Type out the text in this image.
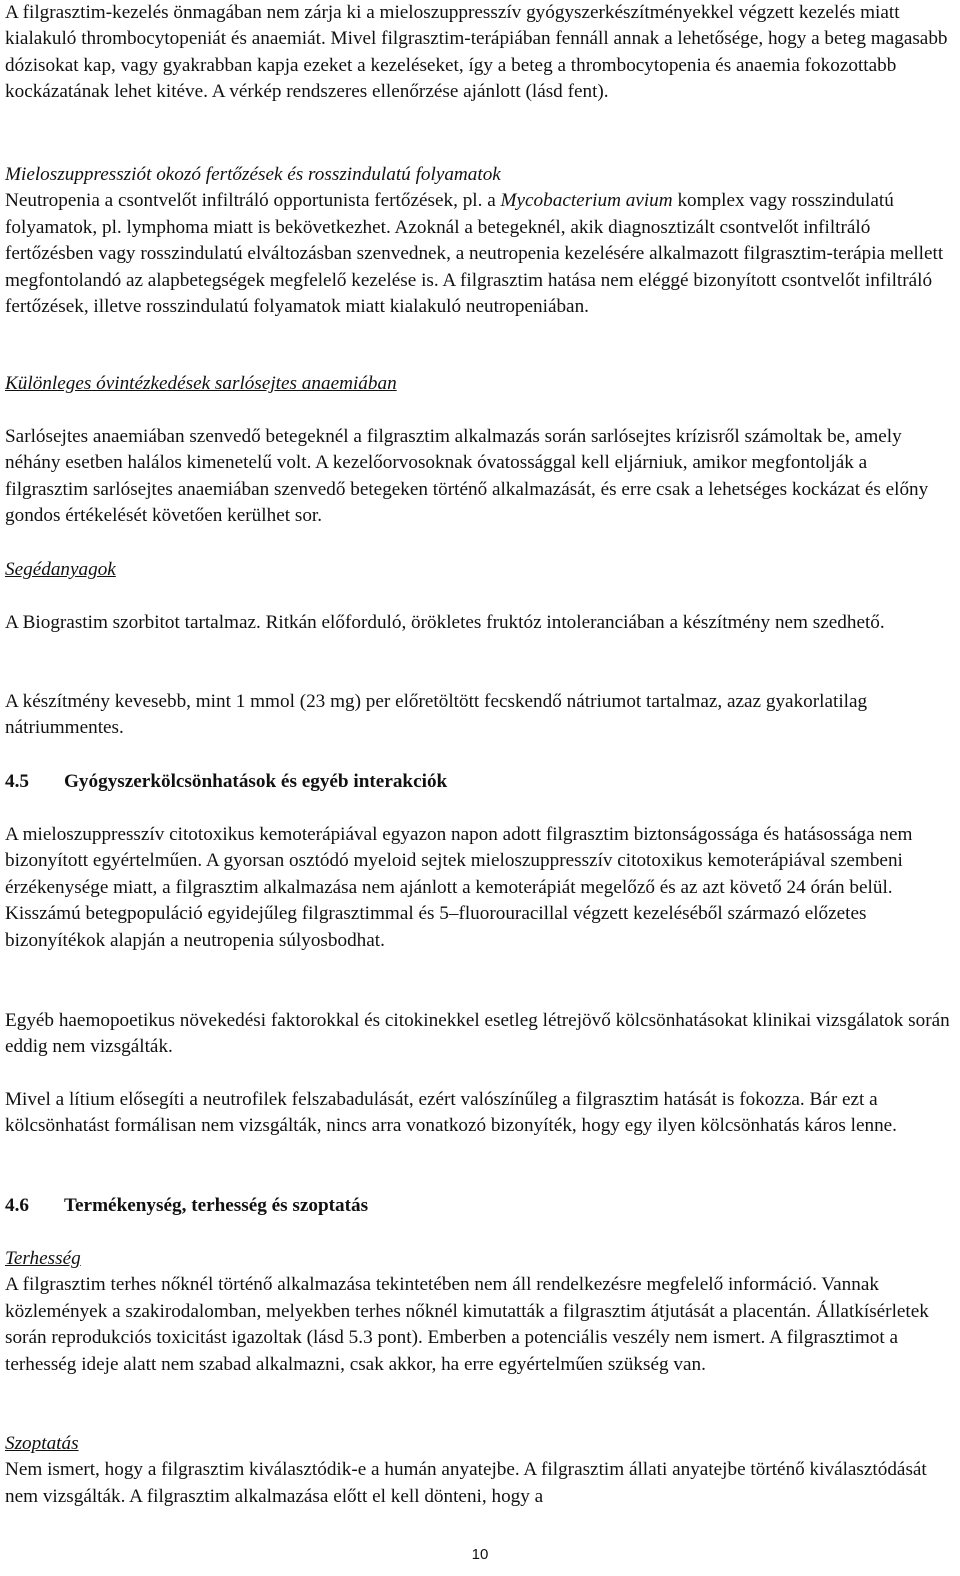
A filgrasztim-kezelés önmagában nem zárja ki a mieloszuppresszív gyógyszerkészítményekkel végzett kezelés miatt kialakuló thrombocytopeniát és anaemiát. Mivel filgrasztim-terápiában fennáll annak a lehetősége, hogy a beteg magasabb dózisokat kap, vagy gyakrabban kapja ezeket a kezeléseket, így a beteg a thrombocytopenia és anaemia fokozottabb kockázatának lehet kitéve. A vérkép rendszeres ellenőrzése ajánlott (lásd fent).

Mieloszuppressziót okozó fertőzések és rosszindulatú folyamatok

Neutropenia a csontvelőt infiltráló opportunista fertőzések, pl. a Mycobacterium avium komplex vagy rosszindulatú folyamatok, pl. lymphoma miatt is bekövetkezhet. Azoknál a betegeknél, akik diagnosztizált csontvelőt infiltráló fertőzésben vagy rosszindulatú elváltozásban szenvednek, a neutropenia kezelésére alkalmazott filgrasztim-terápia mellett megfontolandó az alapbetegségek megfelelő kezelése is. A filgrasztim hatása nem eléggé bizonyított csontvelőt infiltráló fertőzések, illetve rosszindulatú folyamatok miatt kialakuló neutropeniában.

Különleges óvintézkedések sarlósejtes anaemiában

Sarlósejtes anaemiában szenvedő betegeknél a filgrasztim alkalmazás során sarlósejtes krízisről számoltak be, amely néhány esetben halálos kimenetelű volt. A kezelőorvosoknak óvatossággal kell eljárniuk, amikor megfontolják a filgrasztim sarlósejtes anaemiában szenvedő betegeken történő alkalmazását, és erre csak a lehetséges kockázat és előny gondos értékelését követően kerülhet sor.

Segédanyagok

A Biograstim szorbitot tartalmaz. Ritkán előforduló, örökletes fruktóz intoleranciában a készítmény nem szedhető.

A készítmény kevesebb, mint 1 mmol (23 mg) per előretöltött fecskendő nátriumot tartalmaz, azaz gyakorlatilag nátriummentes.

4.5 Gyógyszerkölcsönhatások és egyéb interakciók

A mieloszuppresszív citotoxikus kemoterápiával egyazon napon adott filgrasztim biztonságossága és hatásossága nem bizonyított egyértelműen. A gyorsan osztódó myeloid sejtek mieloszuppresszív citotoxikus kemoterápiával szembeni érzékenysége miatt, a filgrasztim alkalmazása nem ajánlott a kemoterápiát megelőző és az azt követő 24 órán belül. Kisszámú betegpopuláció egyidejűleg filgrasztimmal és 5–fluorouracillal végzett kezeléséből származó előzetes bizonyítékok alapján a neutropenia súlyosbodhat.

Egyéb haemopoetikus növekedési faktorokkal és citokinekkel esetleg létrejövő kölcsönhatásokat klinikai vizsgálatok során eddig nem vizsgálták.

Mivel a lítium elősegíti a neutrofilek felszabadulását, ezért valószínűleg a filgrasztim hatását is fokozza. Bár ezt a kölcsönhatást formálisan nem vizsgálták, nincs arra vonatkozó bizonyíték, hogy egy ilyen kölcsönhatás káros lenne.

4.6 Termékenység, terhesség és szoptatás

Terhesség

A filgrasztim terhes nőknél történő alkalmazása tekintetében nem áll rendelkezésre megfelelő információ. Vannak közlemények a szakirodalomban, melyekben terhes nőknél kimutatták a filgrasztim átjutását a placentán. Állatkísérletek során reprodukciós toxicitást igazoltak (lásd 5.3 pont). Emberben a potenciális veszély nem ismert. A filgrasztimot a terhesség ideje alatt nem szabad alkalmazni, csak akkor, ha erre egyértelműen szükség van.

Szoptatás

Nem ismert, hogy a filgrasztim kiválasztódik-e a humán anyatejbe. A filgrasztim állati anyatejbe történő kiválasztódását nem vizsgálták. A filgrasztim alkalmazása előtt el kell dönteni, hogy a

10
